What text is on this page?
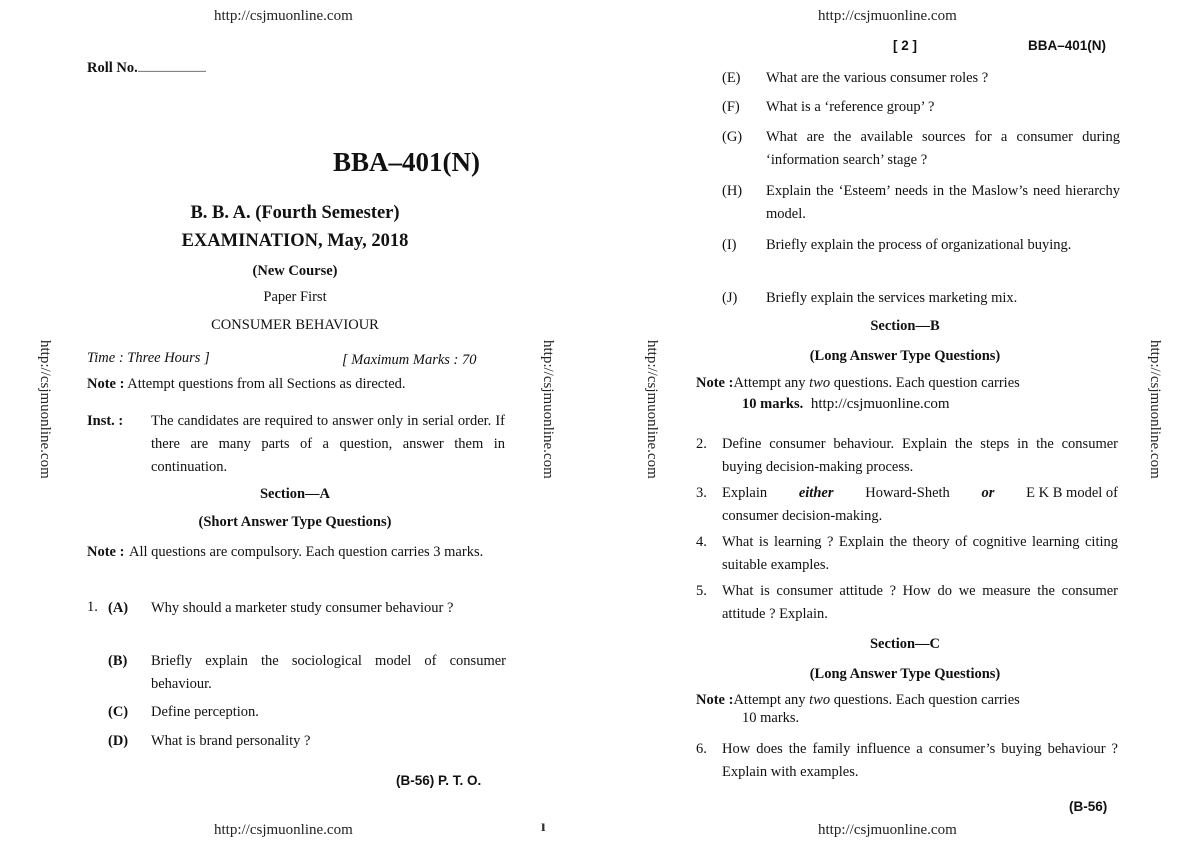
http://csjmuonline.com	http://csjmuonline.com
http://csjmuonline.com	http://csjmuonline.com
http://csjmuonline.com	http://csjmuonline.com	http://csjmuonline.com	http://csjmuonline.com
Roll No...................................
BBA–401(N)
B. B. A. (Fourth Semester)
EXAMINATION, May, 2018
(New Course)
Paper First
CONSUMER BEHAVIOUR
Time : Three Hours ]	[ Maximum Marks : 70
Note : Attempt questions from all Sections as directed.
Inst. : The candidates are required to answer only in serial order. If there are many parts of a question, answer them in continuation.
Section—A
(Short Answer Type Questions)
Note : All questions are compulsory. Each question carries 3 marks.
1. (A) Why should a marketer study consumer behaviour ?
(B) Briefly explain the sociological model of consumer behaviour.
(C) Define perception.
(D) What is brand personality ?
(B-56) P. T. O.
ı
[ 2 ]	BBA–401(N)
(E) What are the various consumer roles ?
(F) What is a ‘reference group’ ?
(G) What are the available sources for a consumer during ‘information search’ stage ?
(H) Explain the ‘Esteem’ needs in the Maslow’s need hierarchy model.
(I) Briefly explain the process of organizational buying.
(J) Briefly explain the services marketing mix.
Section—B
(Long Answer Type Questions)
Note :Attempt any two questions. Each question carries
10 marks. http://csjmuonline.com
2. Define consumer behaviour. Explain the steps in the consumer buying decision-making process.
3. Explain either Howard-Sheth or E K B model of
consumer decision-making.
4. What is learning ? Explain the theory of cognitive learning citing suitable examples.
5. What is consumer attitude ? How do we measure the consumer attitude ? Explain.
Section—C
(Long Answer Type Questions)
Note :Attempt any two questions. Each question carries
10 marks.
6. How does the family influence a consumer’s buying behaviour ? Explain with examples.
(B-56)
